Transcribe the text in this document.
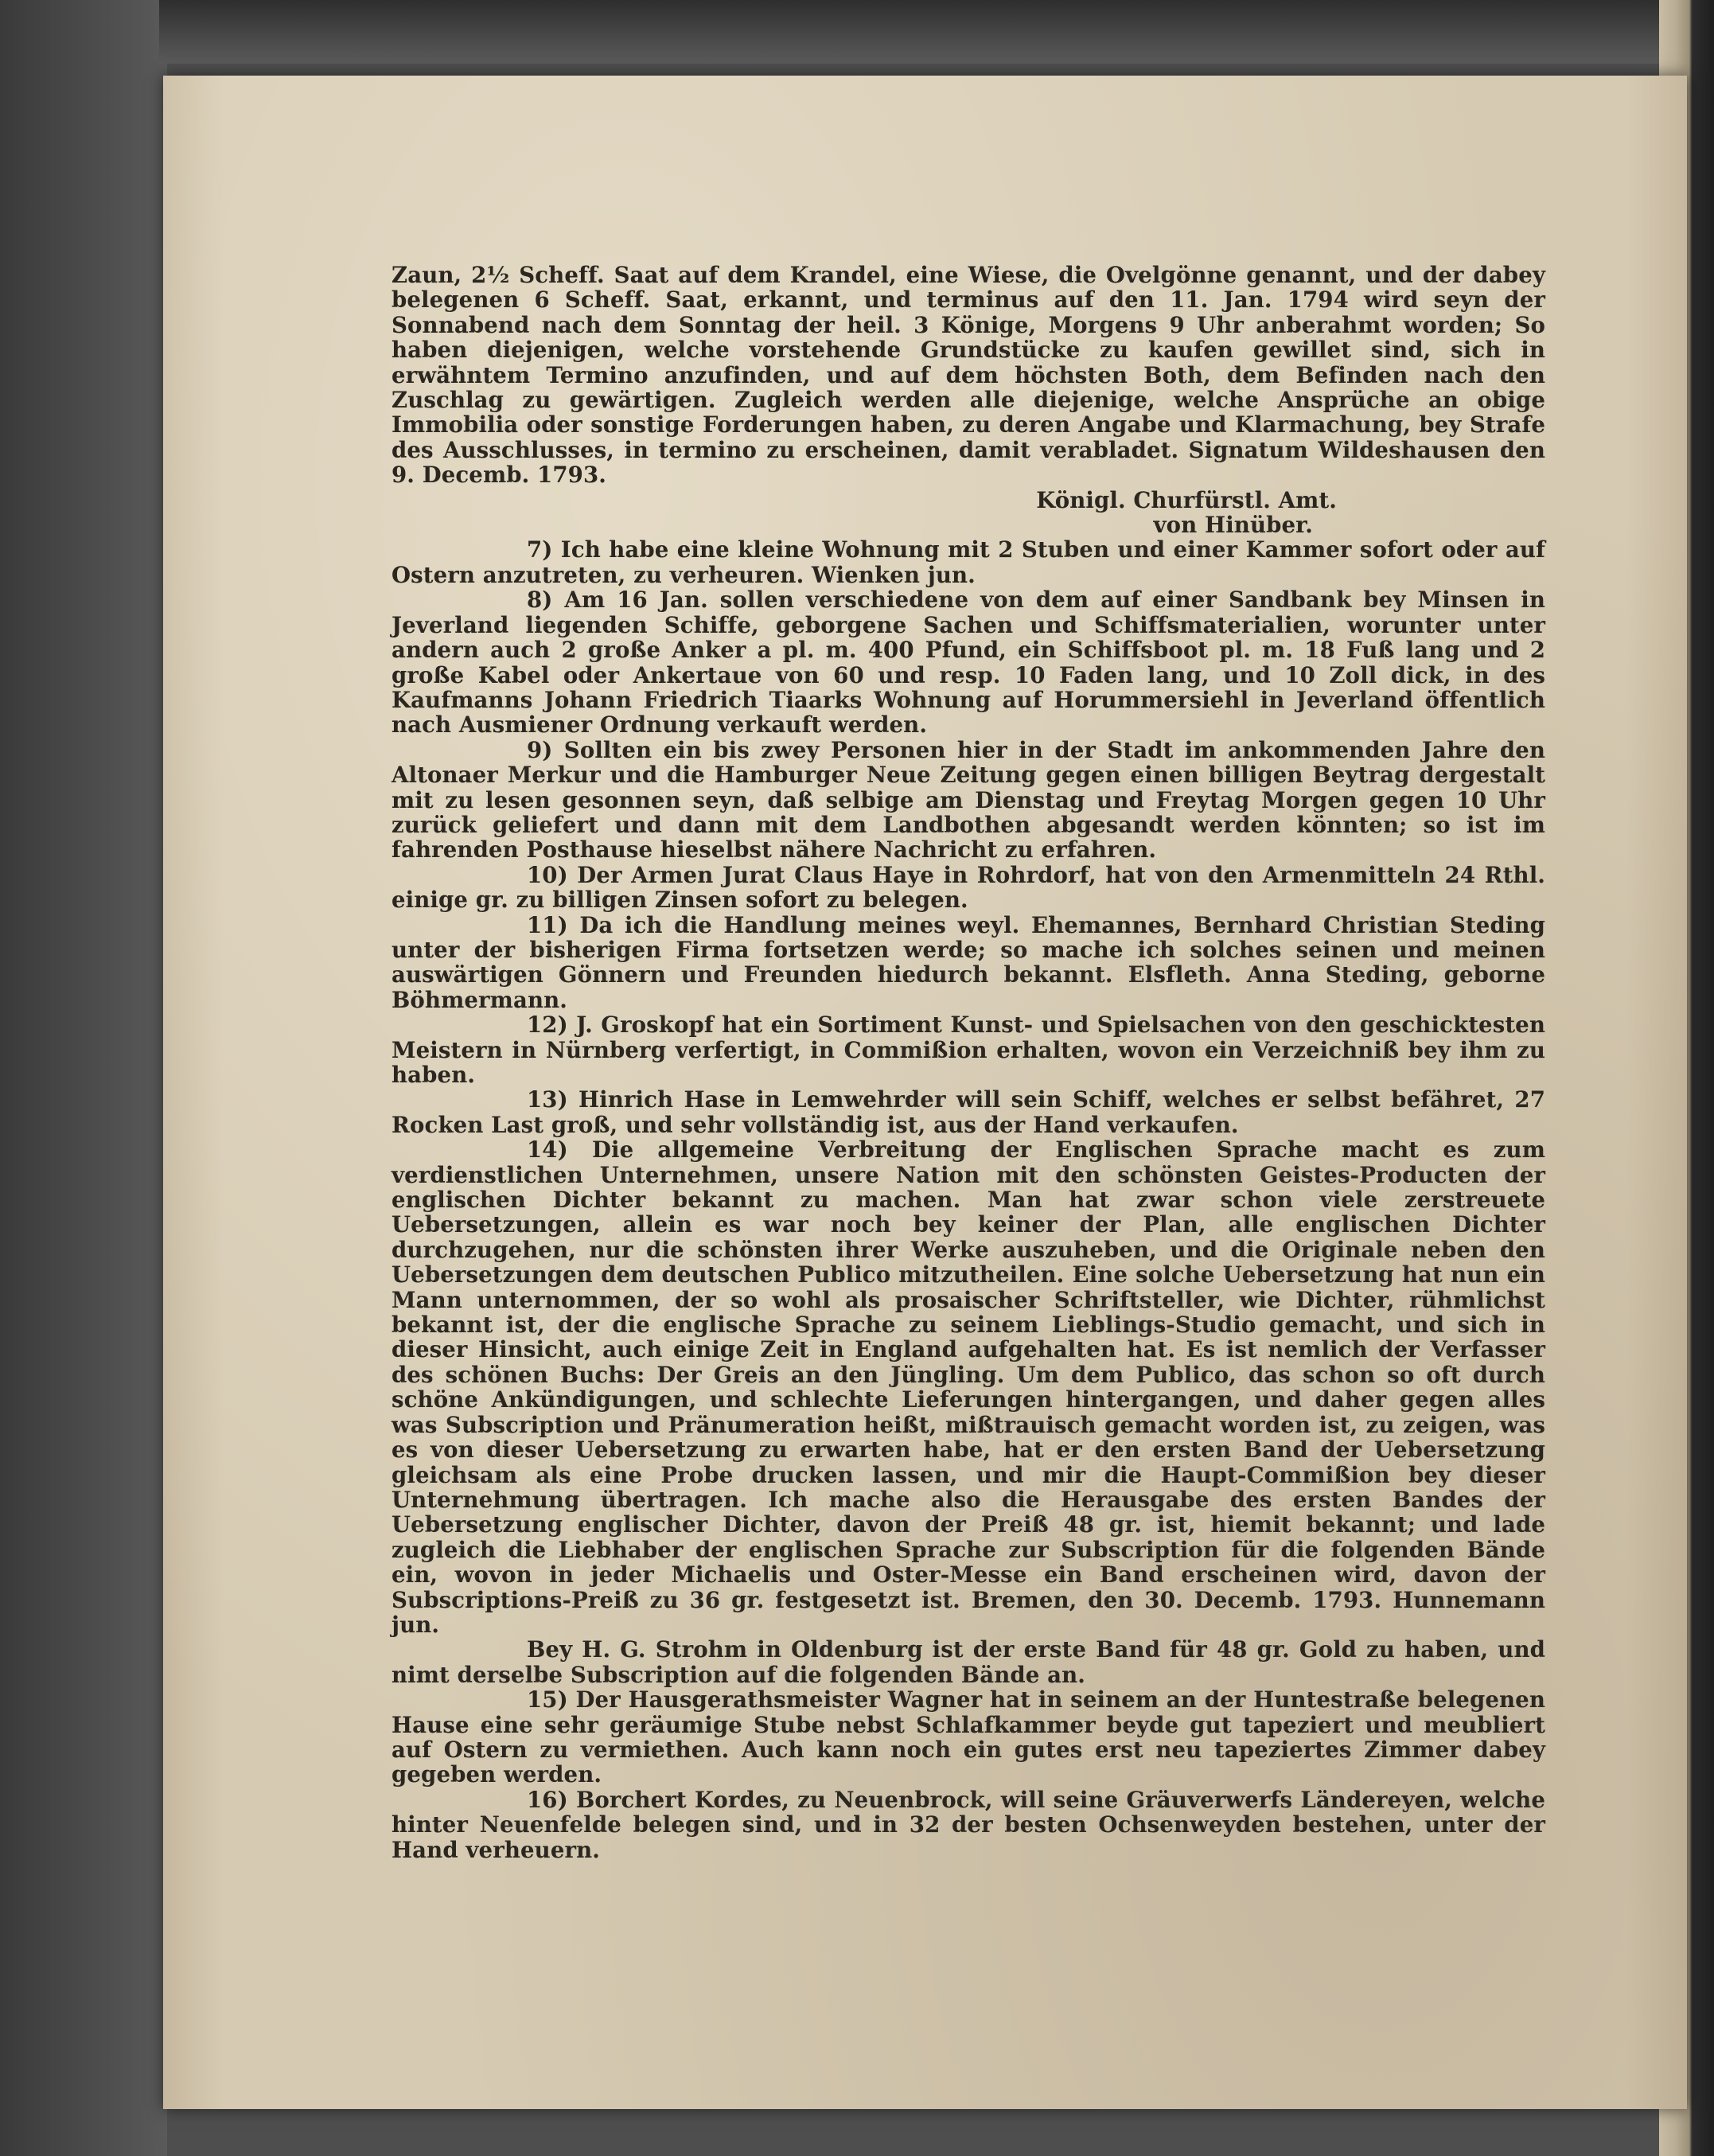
Zaun, 2½ Scheff. Saat auf dem Krandel, eine Wiese, die Ovelgönne genannt, und der dabey belegenen 6 Scheff. Saat, erkannt, und terminus auf den 11. Jan. 1794 wird seyn der Sonnabend nach dem Sonntag der heil. 3 Könige, Morgens 9 Uhr anberahmt worden; So haben diejenigen, welche vorstehende Grundstücke zu kaufen gewillet sind, sich in erwähntem Termino anzufinden, und auf dem höchsten Both, dem Befinden nach den Zuschlag zu gewärtigen. Zugleich werden alle diejenige, welche Ansprüche an obige Immobilia oder sonstige Forderungen haben, zu deren Angabe und Klarmachung, bey Strafe des Ausschlusses, in termino zu erscheinen, damit verabladet. Signatum Wildeshausen den 9. Decemb. 1793.

Königl. Churfürstl. Amt.

von Hinüber.

7) Ich habe eine kleine Wohnung mit 2 Stuben und einer Kammer sofort oder auf Ostern anzutreten, zu verheuren. Wienken jun.

8) Am 16 Jan. sollen verschiedene von dem auf einer Sandbank bey Minsen in Jeverland liegenden Schiffe, geborgene Sachen und Schiffsmaterialien, worunter unter andern auch 2 große Anker a pl. m. 400 Pfund, ein Schiffsboot pl. m. 18 Fuß lang und 2 große Kabel oder Ankertaue von 60 und resp. 10 Faden lang, und 10 Zoll dick, in des Kaufmanns Johann Friedrich Tiaarks Wohnung auf Horummersiehl in Jeverland öffentlich nach Ausmiener Ordnung verkauft werden.

9) Sollten ein bis zwey Personen hier in der Stadt im ankommenden Jahre den Altonaer Merkur und die Hamburger Neue Zeitung gegen einen billigen Beytrag dergestalt mit zu lesen gesonnen seyn, daß selbige am Dienstag und Freytag Morgen gegen 10 Uhr zurück geliefert und dann mit dem Landbothen abgesandt werden könnten; so ist im fahrenden Posthause hieselbst nähere Nachricht zu erfahren.

10) Der Armen Jurat Claus Haye in Rohrdorf, hat von den Armenmitteln 24 Rthl. einige gr. zu billigen Zinsen sofort zu belegen.

11) Da ich die Handlung meines weyl. Ehemannes, Bernhard Christian Steding unter der bisherigen Firma fortsetzen werde; so mache ich solches seinen und meinen auswärtigen Gönnern und Freunden hiedurch bekannt. Elsfleth. Anna Steding, geborne Böhmermann.

12) J. Groskopf hat ein Sortiment Kunst- und Spielsachen von den geschicktesten Meistern in Nürnberg verfertigt, in Commißion erhalten, wovon ein Verzeichniß bey ihm zu haben.

13) Hinrich Hase in Lemwehrder will sein Schiff, welches er selbst befähret, 27 Rocken Last groß, und sehr vollständig ist, aus der Hand verkaufen.

14) Die allgemeine Verbreitung der Englischen Sprache macht es zum verdienstlichen Unternehmen, unsere Nation mit den schönsten Geistes-Producten der englischen Dichter bekannt zu machen. Man hat zwar schon viele zerstreuete Uebersetzungen, allein es war noch bey keiner der Plan, alle englischen Dichter durchzugehen, nur die schönsten ihrer Werke auszuheben, und die Originale neben den Uebersetzungen dem deutschen Publico mitzutheilen. Eine solche Uebersetzung hat nun ein Mann unternommen, der so wohl als prosaischer Schriftsteller, wie Dichter, rühmlichst bekannt ist, der die englische Sprache zu seinem Lieblings-Studio gemacht, und sich in dieser Hinsicht, auch einige Zeit in England aufgehalten hat. Es ist nemlich der Verfasser des schönen Buchs: Der Greis an den Jüngling. Um dem Publico, das schon so oft durch schöne Ankündigungen, und schlechte Lieferungen hintergangen, und daher gegen alles was Subscription und Pränumeration heißt, mißtrauisch gemacht worden ist, zu zeigen, was es von dieser Uebersetzung zu erwarten habe, hat er den ersten Band der Uebersetzung gleichsam als eine Probe drucken lassen, und mir die Haupt-Commißion bey dieser Unternehmung übertragen. Ich mache also die Herausgabe des ersten Bandes der Uebersetzung englischer Dichter, davon der Preiß 48 gr. ist, hiemit bekannt; und lade zugleich die Liebhaber der englischen Sprache zur Subscription für die folgenden Bände ein, wovon in jeder Michaelis und Oster-Messe ein Band erscheinen wird, davon der Subscriptions-Preiß zu 36 gr. festgesetzt ist. Bremen, den 30. Decemb. 1793. Hunnemann jun.

Bey H. G. Strohm in Oldenburg ist der erste Band für 48 gr. Gold zu haben, und nimt derselbe Subscription auf die folgenden Bände an.

15) Der Hausgerathsmeister Wagner hat in seinem an der Huntestraße belegenen Hause eine sehr geräumige Stube nebst Schlafkammer beyde gut tapeziert und meubliert auf Ostern zu vermiethen. Auch kann noch ein gutes erst neu tapeziertes Zimmer dabey gegeben werden.

16) Borchert Kordes, zu Neuenbrock, will seine Gräuverwerfs Ländereyen, welche hinter Neuenfelde belegen sind, und in 32 der besten Ochsenweyden bestehen, unter der Hand verheuern.
